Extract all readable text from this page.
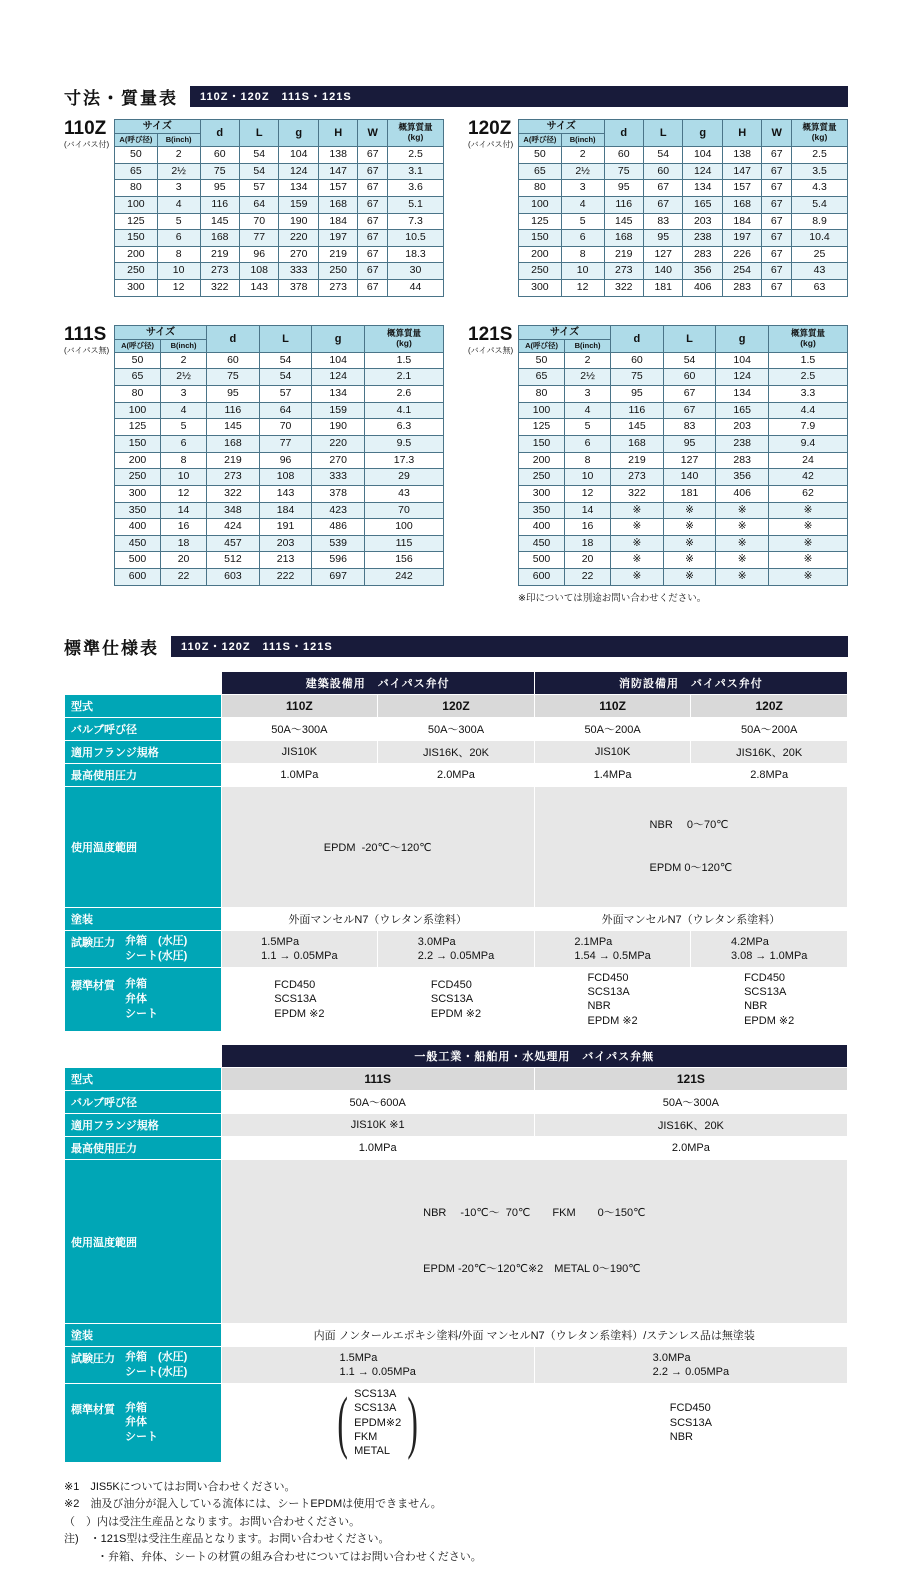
寸法・質量表	110Z・120Z　111S・121S
110Z
(バイパス付)
サイズ		d	L	g	H	W	概算質量
(kg)

A(呼び径)	B(inch)						
50	2	60	54	104	138	67	2.5
65	2½	75	54	124	147	67	3.1
80	3	95	57	134	157	67	3.6
100	4	116	64	159	168	67	5.1
125	5	145	70	190	184	67	7.3
150	6	168	77	220	197	67	10.5
200	8	219	96	270	219	67	18.3
250	10	273	108	333	250	67	30
300	12	322	143	378	273	67	44
120Z
(バイパス付)
サイズ		d	L	g	H	W	概算質量
(kg)

A(呼び径)	B(inch)						
50	2	60	54	104	138	67	2.5
65	2½	75	60	124	147	67	3.5
80	3	95	67	134	157	67	4.3
100	4	116	67	165	168	67	5.4
125	5	145	83	203	184	67	8.9
150	6	168	95	238	197	67	10.4
200	8	219	127	283	226	67	25
250	10	273	140	356	254	67	43
300	12	322	181	406	283	67	63
111S
(バイパス無)
サイズ		d	L	g	概算質量
(kg)

A(呼び径)	B(inch)				
50	2	60	54	104	1.5
65	2½	75	54	124	2.1
80	3	95	57	134	2.6
100	4	116	64	159	4.1
125	5	145	70	190	6.3
150	6	168	77	220	9.5
200	8	219	96	270	17.3
250	10	273	108	333	29
300	12	322	143	378	43
350	14	348	184	423	70
400	16	424	191	486	100
450	18	457	203	539	115
500	20	512	213	596	156
600	22	603	222	697	242
121S
(バイパス無)
サイズ		d	L	g	概算質量
(kg)

A(呼び径)	B(inch)				
50	2	60	54	104	1.5
65	2½	75	60	124	2.5
80	3	95	67	134	3.3
100	4	116	67	165	4.4
125	5	145	83	203	7.9
150	6	168	95	238	9.4
200	8	219	127	283	24
250	10	273	140	356	42
300	12	322	181	406	62
350	14	※	※	※	※
400	16	※	※	※	※
450	18	※	※	※	※
500	20	※	※	※	※
600	22	※	※	※	※
※印については別途お問い合わせください。
標準仕様表	110Z・120Z　111S・121S
	建築設備用　バイパス弁付		消防設備用　バイパス弁付	
型式	110Z	120Z	110Z	120Z
バルブ呼び径	50A〜300A	50A〜300A	50A〜200A	50A〜200A
適用フランジ規格	JIS10K	JIS16K、20K	JIS10K	JIS16K、20K
最高使用圧力	1.0MPa	2.0MPa	1.4MPa	2.8MPa
使用温度範囲	EPDM  -20℃〜120℃		NBR　 0〜70℃

EPDM 0〜120℃	

塗装	外面マンセルN7（ウレタン系塗料）		外面マンセルN7（ウレタン系塗料）	

試験圧力 弁箱　(水圧)
シート(水圧)	1.5MPa
1.1 → 0.05MPa	3.0MPa
2.2 → 0.05MPa	2.1MPa
1.54 → 0.5MPa	4.2MPa
3.08 → 1.0MPa

標準材質 弁箱
弁体
シート	FCD450
SCS13A
EPDM ※2	FCD450
SCS13A
EPDM ※2	FCD450
SCS13A
NBR
EPDM ※2	FCD450
SCS13A
NBR
EPDM ※2
	一般工業・船舶用・水処理用　バイパス弁無	
型式	111S	121S
バルブ呼び径	50A〜600A	50A〜300A
適用フランジ規格	JIS10K ※1	JIS16K、20K
最高使用圧力	1.0MPa	2.0MPa
使用温度範囲	NBR　 -10℃〜  70℃　　FKM　　0〜150℃

EPDM -20℃〜120℃※2　METAL 0〜190℃	

塗装	内面 ノンタールエポキシ塗料/外面 マンセルN7（ウレタン系塗料）/ステンレス品は無塗装	

試験圧力 弁箱　(水圧)
シート(水圧)	1.5MPa
1.1 → 0.05MPa	3.0MPa
2.2 → 0.05MPa

標準材質 弁箱
弁体
シート	( SCS13A
SCS13A
EPDM※2
FKM
METAL )	FCD450
SCS13A
NBR
※1　JIS5Kについてはお問い合わせください。
※2　油及び油分が混入している流体には、シートEPDMは使用できません。
（　）内は受注生産品となります。お問い合わせください。
注)　・121S型は受注生産品となります。お問い合わせください。
　　　・弁箱、弁体、シートの材質の組み合わせについてはお問い合わせください。
